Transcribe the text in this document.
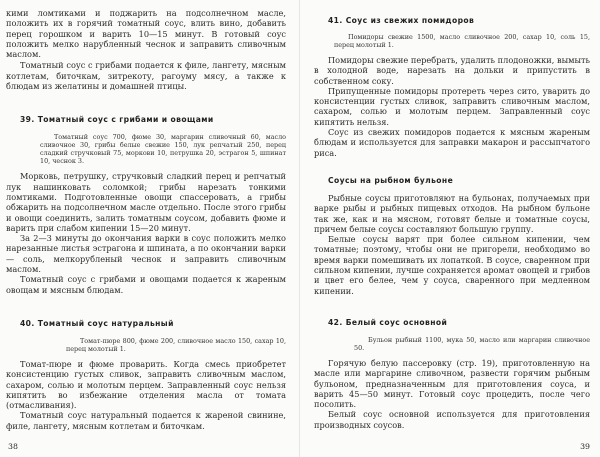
кими ломтиками и поджарить на подсолнечном масле, положить их в горячий томатный соус, влить вино, добавить перец горошком и варить 10—15 минут. В готовый соус положить мелко нарубленный чеснок и заправить сливочным маслом.

Томатный соус с грибами подается к филе, лангету, мясным котлетам, биточкам, зитрекоту, рагоуму мясу, а также к блюдам из желатины и домашней птицы.

39. Томатный соус с грибами и овощами

Томатный соус 700, фюме 30, маргарин сливочный 60, масло сливочное 30, грибы белые свежие 150, лук репчатый 250, перец сладкий стручковый 75, моркови 10, петрушка 20, эстрагон 5, шпинат 10, чеснок 3.

Морковь, петрушку, стручковый сладкий перец и репчатый лук нашинковать соломкой; грибы нарезать тонкими ломтиками. Подготовленные овощи спассеровать, а грибы обжарить на подсолнечном масле отдельно. После этого грибы и овощи соединить, залить томатным соусом, добавить фюме и варить при слабом кипении 15—20 минут.

За 2—3 минуты до окончания варки в соус положить мелко нарезанные листья эстрагона и шпината, а по окончании варки — соль, мелкорубленый чеснок и заправить сливочным маслом.

Томатный соус с грибами и овощами подается к жареным овощам и мясным блюдам.

40. Томатный соус натуральный

Томат-пюре 800, фюме 200, сливочное масло 150, сахар 10, перец молотый 1.

Томат-пюре и фюме проварить. Когда смесь приобретет консистенцию густых сливок, заправить сливочным маслом, сахаром, солью и молотым перцем. Заправленный соус нельзя кипятить во избежание отделения масла от томата (отмасливания).

Томатный соус натуральный подается к жареной свинине, филе, лангету, мясным котлетам и биточкам.

38
41. Соус из свежих помидоров

Помидоры свежие 1500, масло сливочное 200, сахар 10, соль 15, перец молотый 1.

Помидоры свежие перебрать, удалить плодоножки, вымыть в холодной воде, нарезать на дольки и припустить в собственном соку.

Припущенные помидоры протереть через сито, уварить до консистенции густых сливок, заправить сливочным маслом, сахаром, солью и молотым перцем. Заправленный соус кипятить нельзя.

Соус из свежих помидоров подается к мясным жареным блюдам и используется для заправки макарон и рассыпчатого риса.

Соусы на рыбном бульоне

Рыбные соусы приготовляют на бульонах, получаемых при варке рыбы и рыбных пищевых отходов. На рыбном бульоне так же, как и на мясном, готовят белые и томатные соусы, причем белые соусы составляют большую группу.

Белые соусы варят при более сильном кипении, чем томатные; поэтому, чтобы они не пригорели, необходимо во время варки помешивать их лопаткой. В соусе, сваренном при сильном кипении, лучше сохраняется аромат овощей и грибов и цвет его белее, чем у соуса, сваренного при медленном кипении.

42. Белый соус основной

Бульон рыбный 1100, мука 50, масло или маргарин сливочное 50.

Горячую белую пассеровку (стр. 19), приготовленную на масле или маргарине сливочном, развести горячим рыбным бульоном, предназначенным для приготовления соуса, и варить 45—50 минут. Готовый соус процедить, после чего посолить.

Белый соус основной используется для приготовления производных соусов.

39
